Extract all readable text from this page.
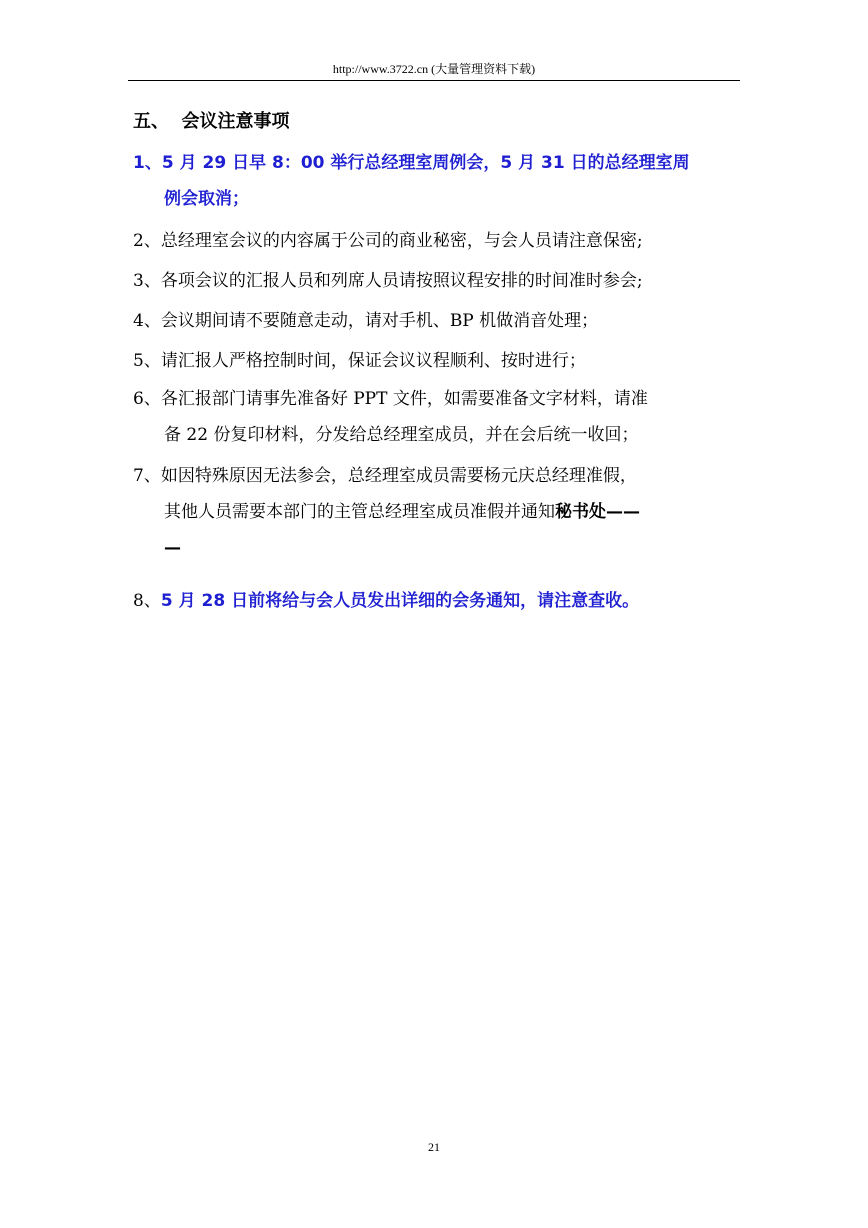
http://www.3722.cn (大量管理资料下载)
五、  会议注意事项
1、5 月 29 日早 8：00 举行总经理室周例会，5 月 31 日的总经理室周
例会取消；
2、总经理室会议的内容属于公司的商业秘密，与会人员请注意保密;
3、各项会议的汇报人员和列席人员请按照议程安排的时间准时参会;
4、会议期间请不要随意走动，请对手机、BP 机做消音处理；
5、请汇报人严格控制时间，保证会议议程顺利、按时进行；
6、各汇报部门请事先准备好 PPT 文件，如需要准备文字材料，请准
备 22 份复印材料，分发给总经理室成员，并在会后统一收回；
7、如因特殊原因无法参会，总经理室成员需要杨元庆总经理准假，
其他人员需要本部门的主管总经理室成员准假并通知秘书处——
—
8、5 月 28 日前将给与会人员发出详细的会务通知，请注意查收。
21
